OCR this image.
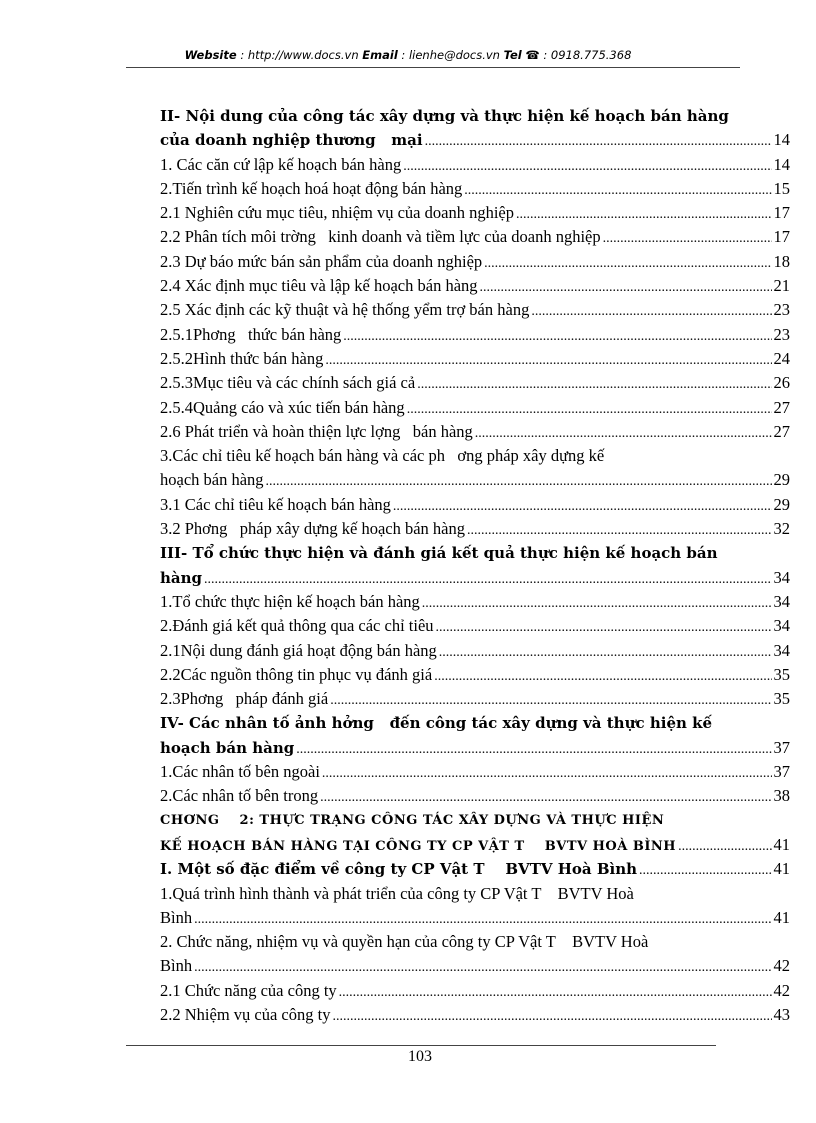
Website : http://www.docs.vn Email : lienhe@docs.vn Tel ☎ : 0918.775.368
II- Nội dung của công tác xây dựng và thực hiện kế hoạch bán hàng
của doanh nghiệp thương   mại .....	14
1. Các căn cứ lập kế hoạch bán hàng .....	14
2.Tiến trình kế hoạch hoá hoạt động bán hàng .....	15
2.1 Nghiên cứu mục tiêu, nhiệm vụ của doanh nghiệp .....	17
2.2 Phân tích môi trờng   kinh doanh và tiềm lực của doanh nghiệp .....	17
2.3 Dự báo mức bán sản phẩm của doanh nghiệp .....	18
2.4 Xác định mục tiêu và lập kế hoạch bán hàng .....	21
2.5 Xác định các kỹ thuật và hệ thống yểm trợ bán hàng .....	23
2.5.1Phơng   thức bán hàng .....	23
2.5.2Hình thức bán hàng .....	24
2.5.3Mục tiêu và các chính sách giá cả .....	26
2.5.4Quảng cáo và xúc tiến bán hàng .....	27
2.6 Phát triển và hoàn thiện lực lợng   bán hàng .....	27
3.Các chỉ tiêu kế hoạch bán hàng và các ph   ơng pháp xây dựng kế
hoạch bán hàng .....	29
3.1 Các chỉ tiêu kế hoạch bán hàng .....	29
3.2 Phơng   pháp xây dựng kế hoạch bán hàng .....	32
III- Tổ chức thực hiện và đánh giá kết quả thực hiện kế hoạch bán
hàng .....	34
1.Tổ chức thực hiện kế hoạch bán hàng .....	34
2.Đánh giá kết quả thông qua các chỉ tiêu .....	34
2.1Nội dung đánh giá hoạt động bán hàng .....	34
2.2Các nguồn thông tin phục vụ đánh giá .....	35
2.3Phơng   pháp đánh giá .....	35
IV- Các nhân tố ảnh hởng   đến công tác xây dựng và thực hiện kế
hoạch bán hàng .....	37
1.Các nhân tố bên ngoài .....	37
2.Các nhân tố bên trong .....	38
CHƠNG    2: THỰC TRẠNG CÔNG TÁC XÂY DỰNG VÀ THỰC HIỆN
KẾ HOẠCH BÁN HÀNG TẠI CÔNG TY CP VẬT T    BVTV HOÀ BÌNH .....	41
I. Một số đặc điểm về công ty CP Vật T    BVTV Hoà Bình .....	41
1.Quá trình hình thành và phát triển của công ty CP Vật T    BVTV Hoà
Bình .....	41
2. Chức năng, nhiệm vụ và quyền hạn của công ty CP Vật T    BVTV Hoà
Bình .....	42
2.1 Chức năng của công ty .....	42
2.2 Nhiệm vụ của công ty .....	43
103
